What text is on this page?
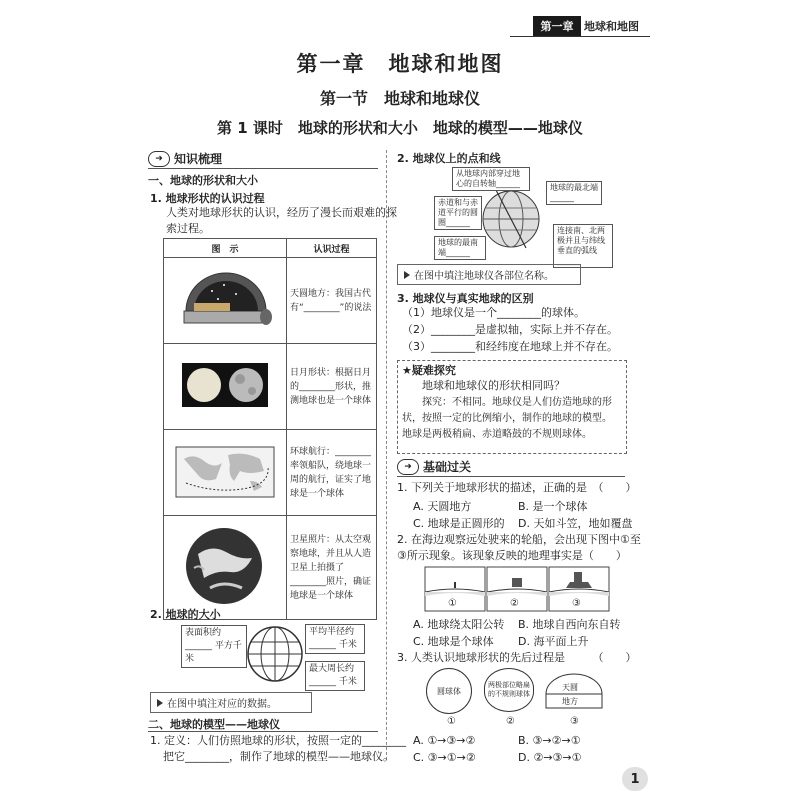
第一章 地球和地图
第一章　地球和地图
第一节　地球和地球仪
第 1 课时　地球的形状和大小　地球的模型——地球仪
➜ 知识梳理
一、地球的形状和大小
1. 地球形状的认识过程
人类对地球形状的认识，经历了漫长而艰难的探
索过程。
图　示	认识过程

天圆地方：我国古代
有“________”的说法

日月形状：根据日月
的________形状，推测地球也是一个球体

环球航行：________
率领船队，绕地球一周的航行，证实了地球是一个球体

卫星照片：从太空观
察地球，并且从人造卫星上拍摄了________照片，确证地球是一个球体
2. 地球的大小
表面积约______ 平方千米
平均半径约______ 千米
最大周长约______ 千米
在图中填注对应的数据。
二、地球的模型——地球仪
1. 定义：人们仿照地球的形状，按照一定的________
把它________，制作了地球的模型——地球仪。
2. 地球仪上的点和线
从地球内部穿过地心的自转轴______	地球的最北端______
赤道和与赤道平行的圆圈______
连接南、北两极并且与纬线垂直的弧线______
地球的最南端______
在图中填注地球仪各部位名称。
3. 地球仪与真实地球的区别
（1）地球仪是一个________的球体。
（2）________是虚拟轴，实际上并不存在。
（3）________和经纬度在地球上并不存在。
★疑难探究
地球和地球仪的形状相同吗？
探究：不相同。地球仪是人们仿造地球的形
状，按照一定的比例缩小，制作的地球的模型。
地球是两极稍扁、赤道略鼓的不规则球体。
➜ 基础过关
1. 下列关于地球形状的描述，正确的是　（　　）
A. 天圆地方	B. 是一个球体
C. 地球是正圆形的 D. 天如斗笠，地如覆盘
2. 在海边观察远处驶来的轮船，会出现下图中①至
③所示现象。该现象反映的地理事实是（　　）
①	②	③
A. 地球绕太阳公转 B. 地球自西向东自转
C. 地球是个球体 D. 海平面上升
3. 人类认识地球形状的先后过程是　　　（　　）
圆球体
两极部位略扁的不规则球体
天圆
地方
①	②	③
A. ①→③→②	B. ③→②→①
C. ③→①→②	D. ②→③→①
1
